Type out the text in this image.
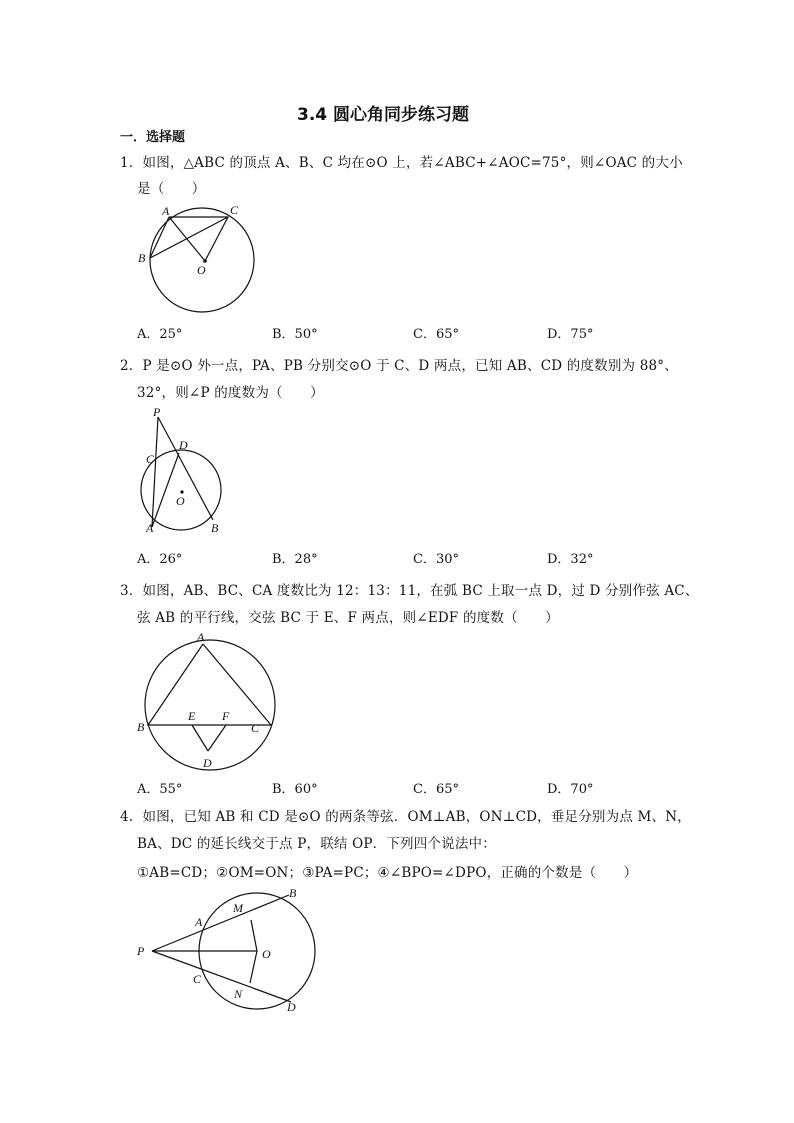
3.4 圆心角同步练习题
一．选择题
1．如图，△ABC 的顶点 A、B、C 均在⊙O 上，若∠ABC+∠AOC=75°，则∠OAC 的大小
是（　　）
A	C
B
O
A．25°	B．50°	C．65°	D．75°
2．P 是⊙O 外一点，PA、PB 分别交⊙O 于 C、D 两点，已知 AB、CD 的度数别为 88°、
32°，则∠P 的度数为（　　）
P
D
C
O
A	B
A．26°	B．28°	C．30°	D．32°
3．如图，AB、BC、CA 度数比为 12：13：11，在弧 BC 上取一点 D，过 D 分别作弦 AC、
弦 AB 的平行线，交弦 BC 于 E、F 两点，则∠EDF 的度数（　　）
A
B
E F
C
D
A．55°	B．60°	C．65°	D．70°
4．如图，已知 AB 和 CD 是⊙O 的两条等弦．OM⊥AB，ON⊥CD，垂足分别为点 M、N，
BA、DC 的延长线交于点 P，联结 OP．下列四个说法中：
①AB=CD；②OM=ON；③PA=PC；④∠BPO=∠DPO，正确的个数是（　　）
B
M
A
P	O
C
N
D
